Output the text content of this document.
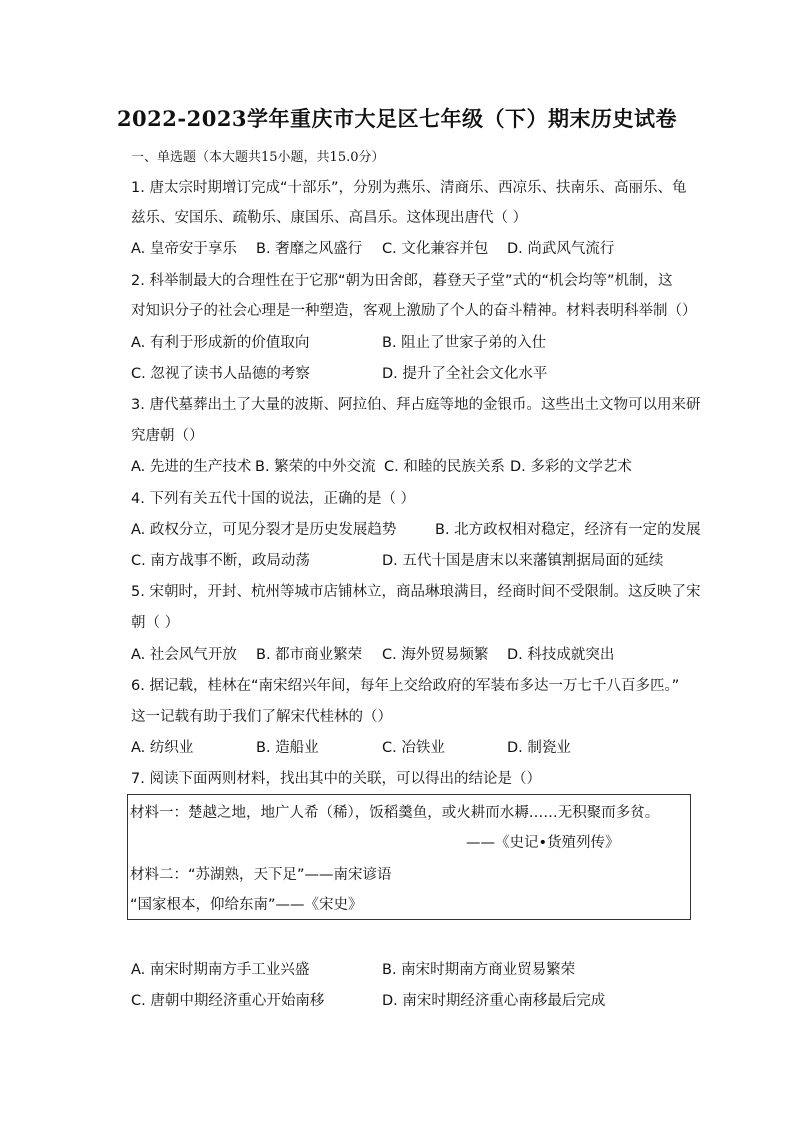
2022-2023学年重庆市大足区七年级（下）期末历史试卷
一、单选题（本大题共15小题，共15.0分）
1. 唐太宗时期增订完成“十部乐”，分别为燕乐、清商乐、西凉乐、扶南乐、高丽乐、龟
兹乐、安国乐、疏勒乐、康国乐、高昌乐。这体现出唐代（ ）
A. 皇帝安于享乐 B. 奢靡之风盛行 C. 文化兼容并包 D. 尚武风气流行
2. 科举制最大的合理性在于它那“朝为田舍郎，暮登天子堂”式的“机会均等”机制，这
对知识分子的社会心理是一种塑造，客观上激励了个人的奋斗精神。材料表明科举制（）
A. 有利于形成新的价值取向	B. 阻止了世家子弟的入仕
C. 忽视了读书人品德的考察	D. 提升了全社会文化水平
3. 唐代墓葬出土了大量的波斯、阿拉伯、拜占庭等地的金银币。这些出土文物可以用来研
究唐朝（）
A. 先进的生产技术 B. 繁荣的中外交流 C. 和睦的民族关系 D. 多彩的文学艺术
4. 下列有关五代十国的说法，正确的是（ ）
A. 政权分立，可见分裂才是历史发展趋势	B. 北方政权相对稳定，经济有一定的发展
C. 南方战事不断，政局动荡	D. 五代十国是唐末以来藩镇割据局面的延续
5. 宋朝时，开封、杭州等城市店铺林立，商品琳琅满目，经商时间不受限制。这反映了宋
朝（ ）
A. 社会风气开放 B. 都市商业繁荣 C. 海外贸易频繁 D. 科技成就突出
6. 据记载，桂林在“南宋绍兴年间，每年上交给政府的军装布多达一万七千八百多匹。”
这一记载有助于我们了解宋代桂林的（）
A. 纺织业	B. 造船业	C. 冶铁业	D. 制瓷业
7. 阅读下面两则材料，找出其中的关联，可以得出的结论是（）
材料一：楚越之地，地广人希（稀），饭稻羹鱼，或火耕而水耨……无积聚而多贫。
——《史记•货殖列传》
材料二：“苏湖熟，天下足”——南宋谚语
“国家根本，仰给东南”——《宋史》
A. 南宋时期南方手工业兴盛	B. 南宋时期南方商业贸易繁荣
C. 唐朝中期经济重心开始南移	D. 南宋时期经济重心南移最后完成
